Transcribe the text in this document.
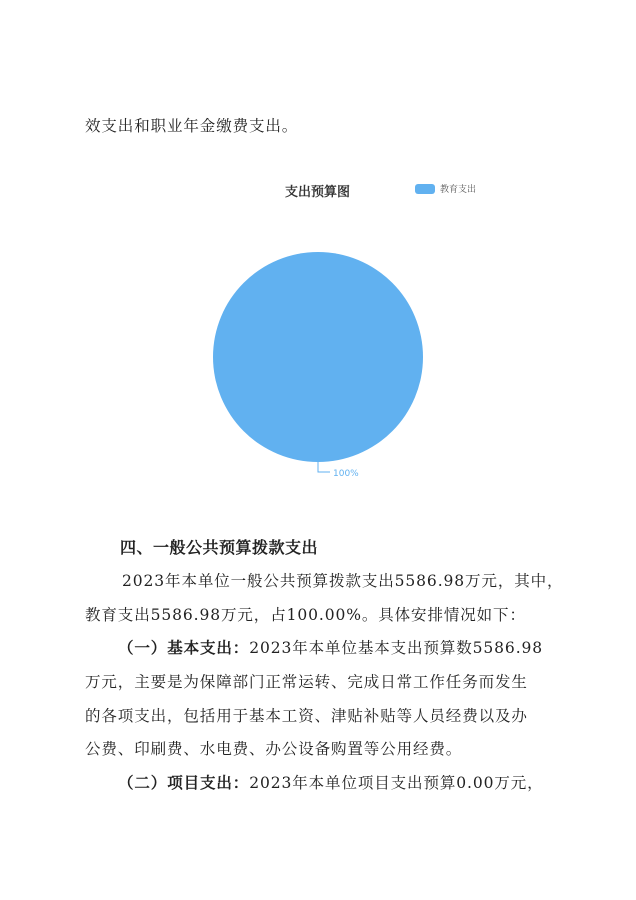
效支出和职业年金缴费支出。
支出预算图	教育支出
100%
四、一般公共预算拨款支出
2023年本单位一般公共预算拨款支出5586.98万元，其中，
教育支出5586.98万元，占100.00%。具体安排情况如下：
（一）基本支出：2023年本单位基本支出预算数5586.98
万元，主要是为保障部门正常运转、完成日常工作任务而发生
的各项支出，包括用于基本工资、津贴补贴等人员经费以及办
公费、印刷费、水电费、办公设备购置等公用经费。
（二）项目支出：2023年本单位项目支出预算0.00万元，
